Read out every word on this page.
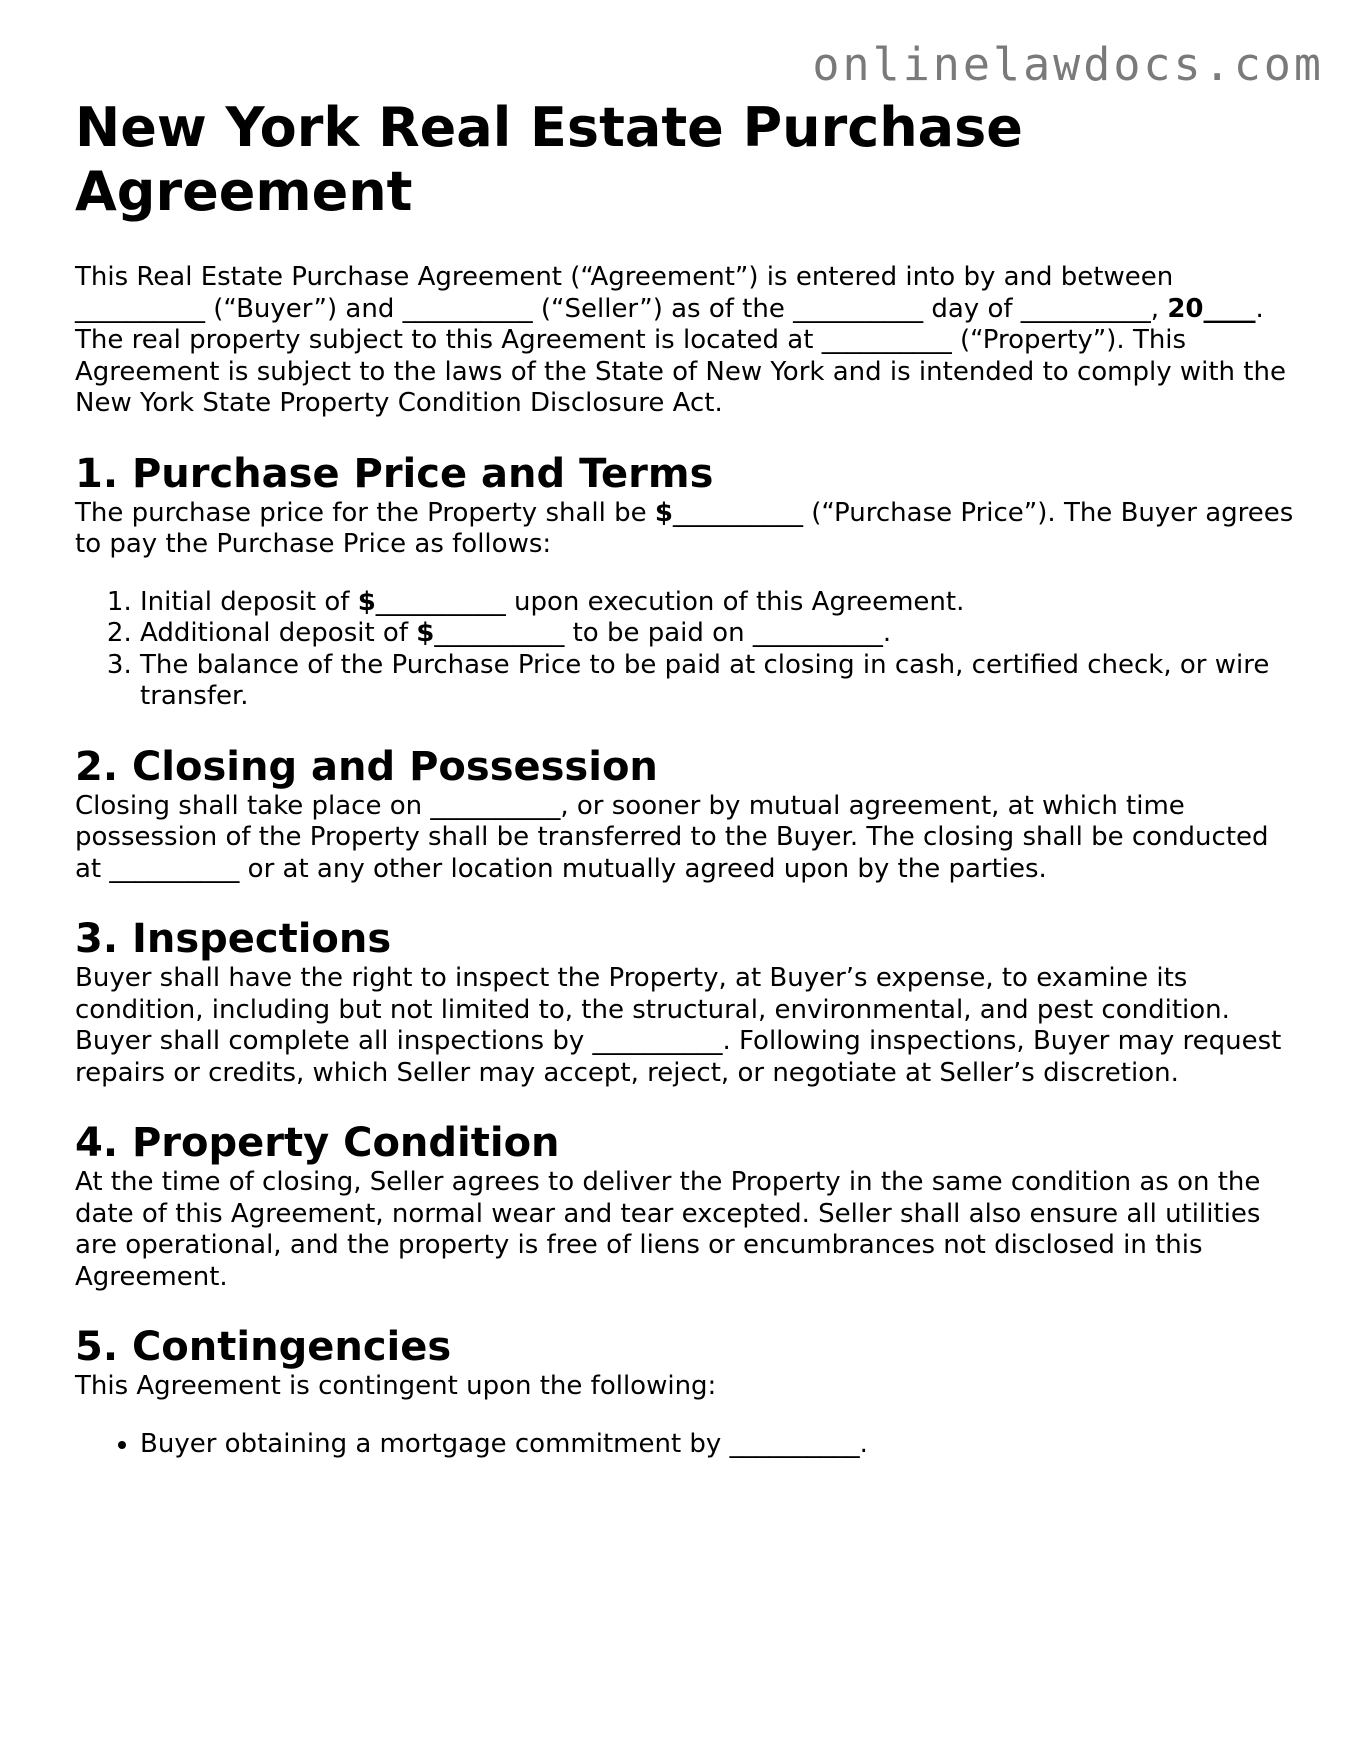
onlinelawdocs.com
New York Real Estate Purchase Agreement

This Real Estate Purchase Agreement (“Agreement”) is entered into by and between __________ (“Buyer”) and __________ (“Seller”) as of the __________ day of __________, 20____. The real property subject to this Agreement is located at __________ (“Property”). This Agreement is subject to the laws of the State of New York and is intended to comply with the New York State Property Condition Disclosure Act.

1. Purchase Price and Terms

The purchase price for the Property shall be $__________ (“Purchase Price”). The Buyer agrees to pay the Purchase Price as follows:

1. Initial deposit of $__________ upon execution of this Agreement.
2. Additional deposit of $__________ to be paid on __________.
3. The balance of the Purchase Price to be paid at closing in cash, certified check, or wire transfer.
2. Closing and Possession

Closing shall take place on __________, or sooner by mutual agreement, at which time possession of the Property shall be transferred to the Buyer. The closing shall be conducted at __________ or at any other location mutually agreed upon by the parties.

3. Inspections

Buyer shall have the right to inspect the Property, at Buyer’s expense, to examine its condition, including but not limited to, the structural, environmental, and pest condition. Buyer shall complete all inspections by __________. Following inspections, Buyer may request repairs or credits, which Seller may accept, reject, or negotiate at Seller’s discretion.

4. Property Condition

At the time of closing, Seller agrees to deliver the Property in the same condition as on the date of this Agreement, normal wear and tear excepted. Seller shall also ensure all utilities are operational, and the property is free of liens or encumbrances not disclosed in this Agreement.

5. Contingencies

This Agreement is contingent upon the following:

• Buyer obtaining a mortgage commitment by __________.
